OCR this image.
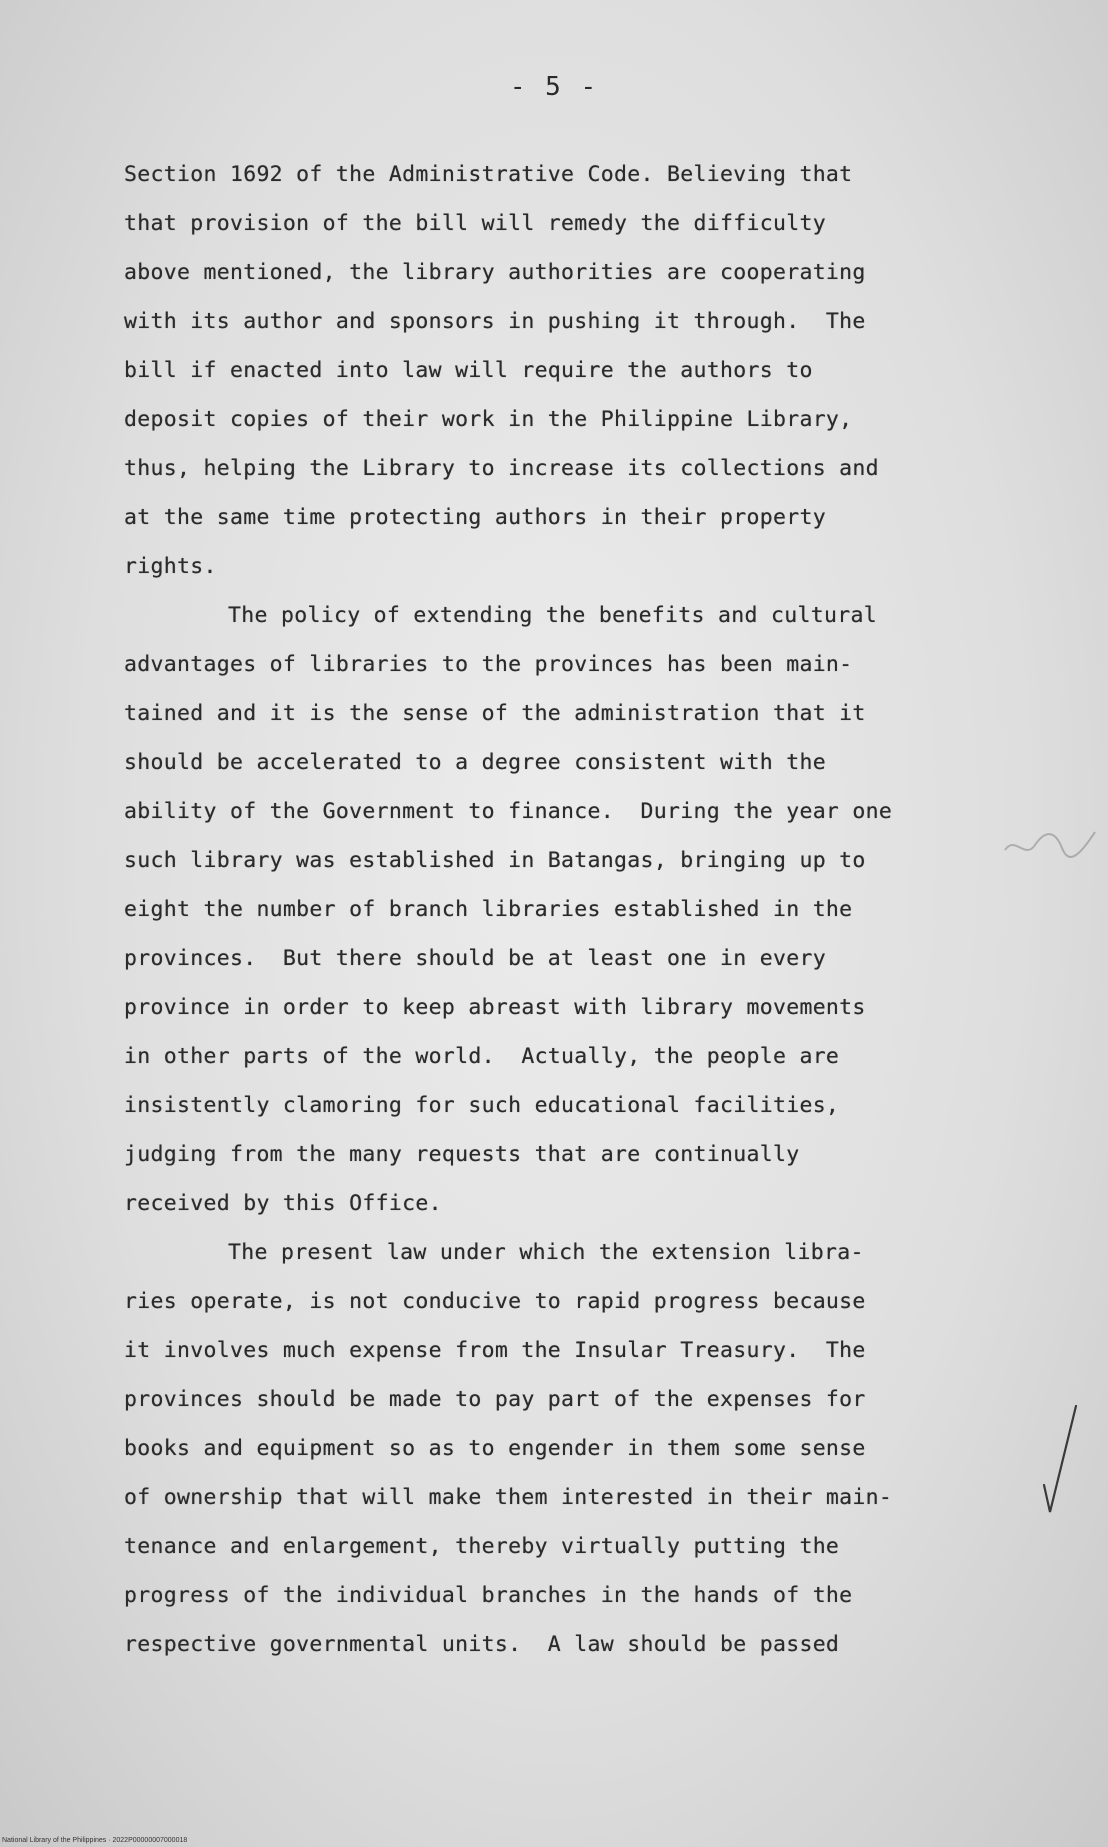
- 5 -
Section 1692 of the Administrative Code. Believing that
that provision of the bill will remedy the difficulty
above mentioned, the library authorities are cooperating
with its author and sponsors in pushing it through.  The
bill if enacted into law will require the authors to
deposit copies of their work in the Philippine Library,
thus, helping the Library to increase its collections and
at the same time protecting authors in their property
rights.
The policy of extending the benefits and cultural
advantages of libraries to the provinces has been main-
tained and it is the sense of the administration that it
should be accelerated to a degree consistent with the
ability of the Government to finance.  During the year one
such library was established in Batangas, bringing up to
eight the number of branch libraries established in the
provinces.  But there should be at least one in every
province in order to keep abreast with library movements
in other parts of the world.  Actually, the people are
insistently clamoring for such educational facilities,
judging from the many requests that are continually
received by this Office.
The present law under which the extension libra-
ries operate, is not conducive to rapid progress because
it involves much expense from the Insular Treasury.  The
provinces should be made to pay part of the expenses for
books and equipment so as to engender in them some sense
of ownership that will make them interested in their main-
tenance and enlargement, thereby virtually putting the
progress of the individual branches in the hands of the
respective governmental units.  A law should be passed
National Library of the Philippines · 2022P00000007000018
